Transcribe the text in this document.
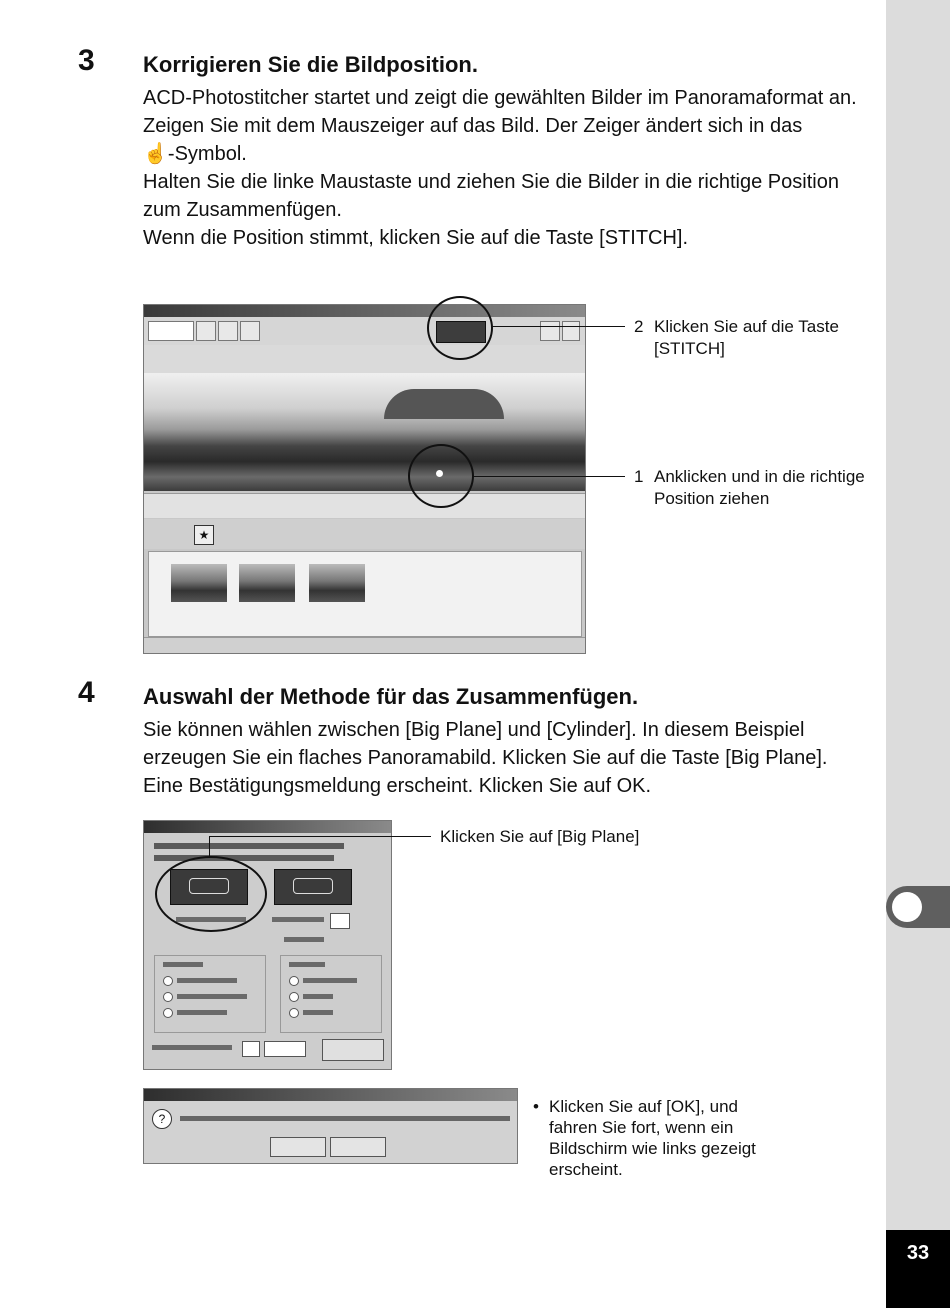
33
3 Korrigieren Sie die Bildposition.

ACD-Photostitcher startet und zeigt die gewählten Bilder im Panoramaformat an.

Zeigen Sie mit dem Mauszeiger auf das Bild. Der Zeiger ändert sich in das

☝-Symbol.

Halten Sie die linke Maustaste und ziehen Sie die Bilder in die richtige Position zum Zusammenfügen.

Wenn die Position stimmt, klicken Sie auf die Taste [STITCH].

★
2 Klicken Sie auf die Taste [STITCH]
1 Anklicken und in die richtige Position ziehen
4 Auswahl der Methode für das Zusammenfügen.

Sie können wählen zwischen [Big Plane] und [Cylinder]. In diesem Beispiel erzeugen Sie ein flaches Panoramabild. Klicken Sie auf die Taste [Big Plane].

Eine Bestätigungsmeldung erscheint. Klicken Sie auf OK.

Klicken Sie auf [Big Plane]
?
• Klicken Sie auf [OK], und fahren Sie fort, wenn ein Bildschirm wie links gezeigt erscheint.
